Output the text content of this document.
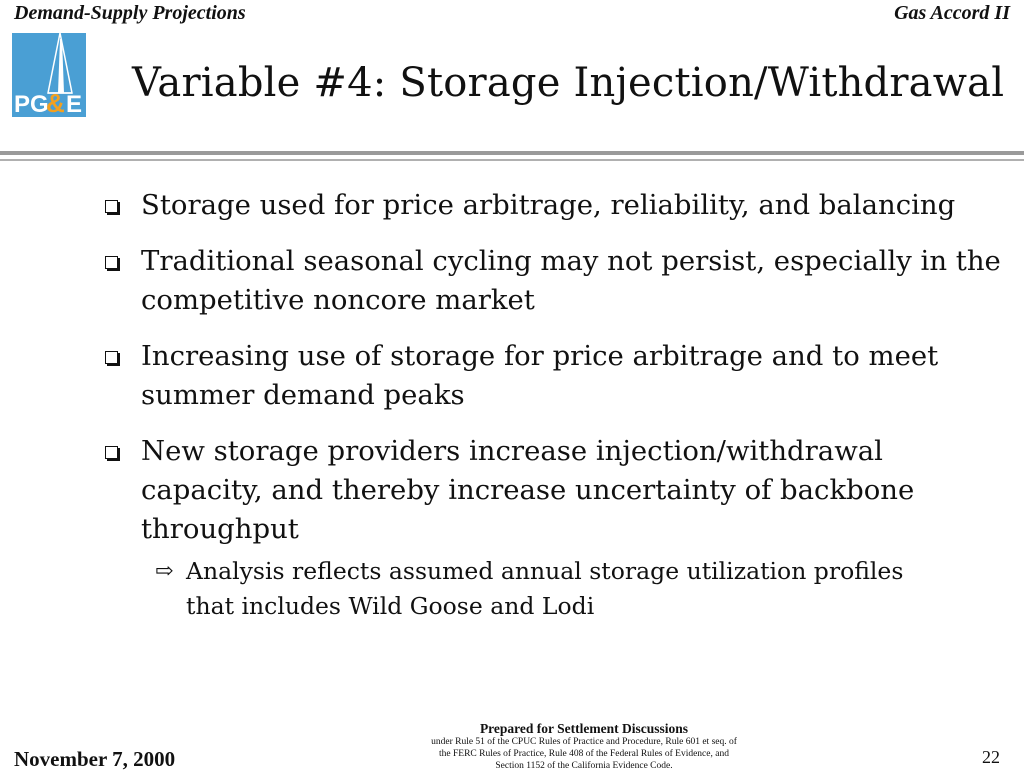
Demand-Supply Projections	Gas Accord II
PG
& E Variable #4: Storage Injection/Withdrawal
Storage used for price arbitrage, reliability, and balancing
Traditional seasonal cycling may not persist, especially in the competitive noncore market
Increasing use of storage for price arbitrage and to meet summer demand peaks
New storage providers increase injection/withdrawal capacity, and thereby increase uncertainty of backbone throughput
⇨ Analysis reflects assumed annual storage utilization profiles that includes Wild Goose and Lodi
November 7, 2000
Prepared for Settlement Discussions
under Rule 51 of the CPUC Rules of Practice and Procedure, Rule 601 et seq. of
the FERC Rules of Practice, Rule 408 of the Federal Rules of Evidence, and
Section 1152 of the California Evidence Code.	22
